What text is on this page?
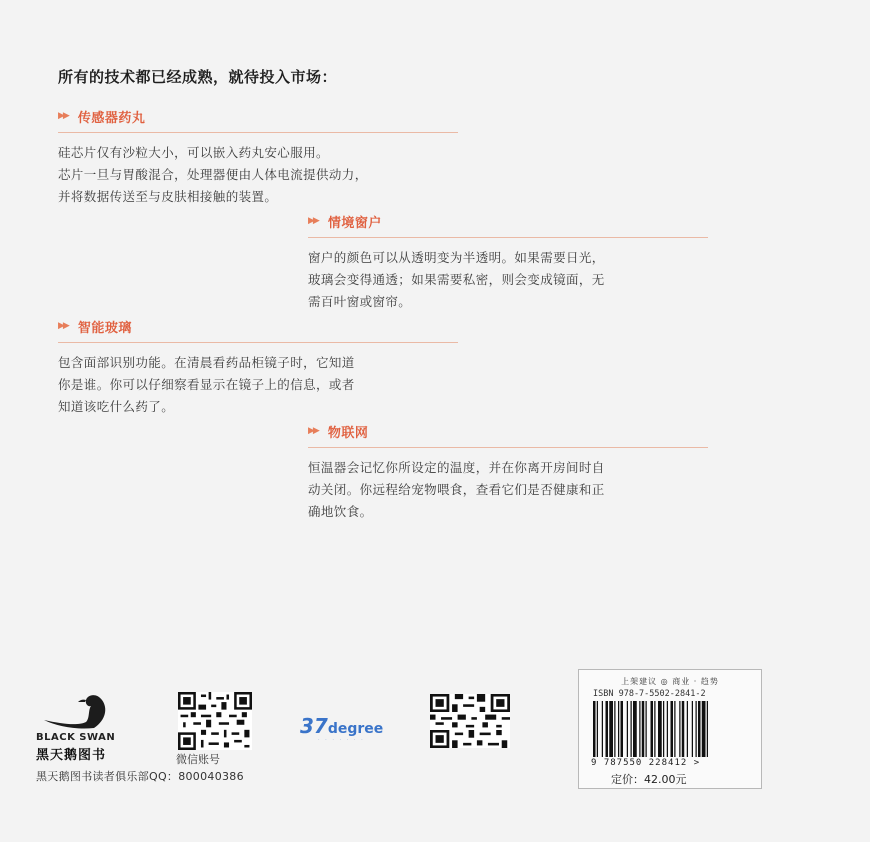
所有的技术都已经成熟，就待投入市场：
▶▶ 传感器药丸

硅芯片仅有沙粒大小，可以嵌入药丸安心服用。

芯片一旦与胃酸混合，处理器便由人体电流提供动力，

并将数据传送至与皮肤相接触的装置。

▶▶ 情境窗户

窗户的颜色可以从透明变为半透明。如果需要日光，

玻璃会变得通透；如果需要私密，则会变成镜面，无

需百叶窗或窗帘。

▶▶ 智能玻璃

包含面部识别功能。在清晨看药品柜镜子时，它知道

你是谁。你可以仔细察看显示在镜子上的信息，或者

知道该吃什么药了。

▶▶ 物联网

恒温器会记忆你所设定的温度，并在你离开房间时自

动关闭。你远程给宠物喂食，查看它们是否健康和正

确地饮食。

BLACK SWAN
黑天鹅图书
黑天鹅图书读者俱乐部QQ：800040386
微信账号
37degree
· · · · · · ·
上架建议 ◎ 商业 · 趋势
ISBN 978-7-5502-2841-2
9 787550 228412 >
定价：42.00元
